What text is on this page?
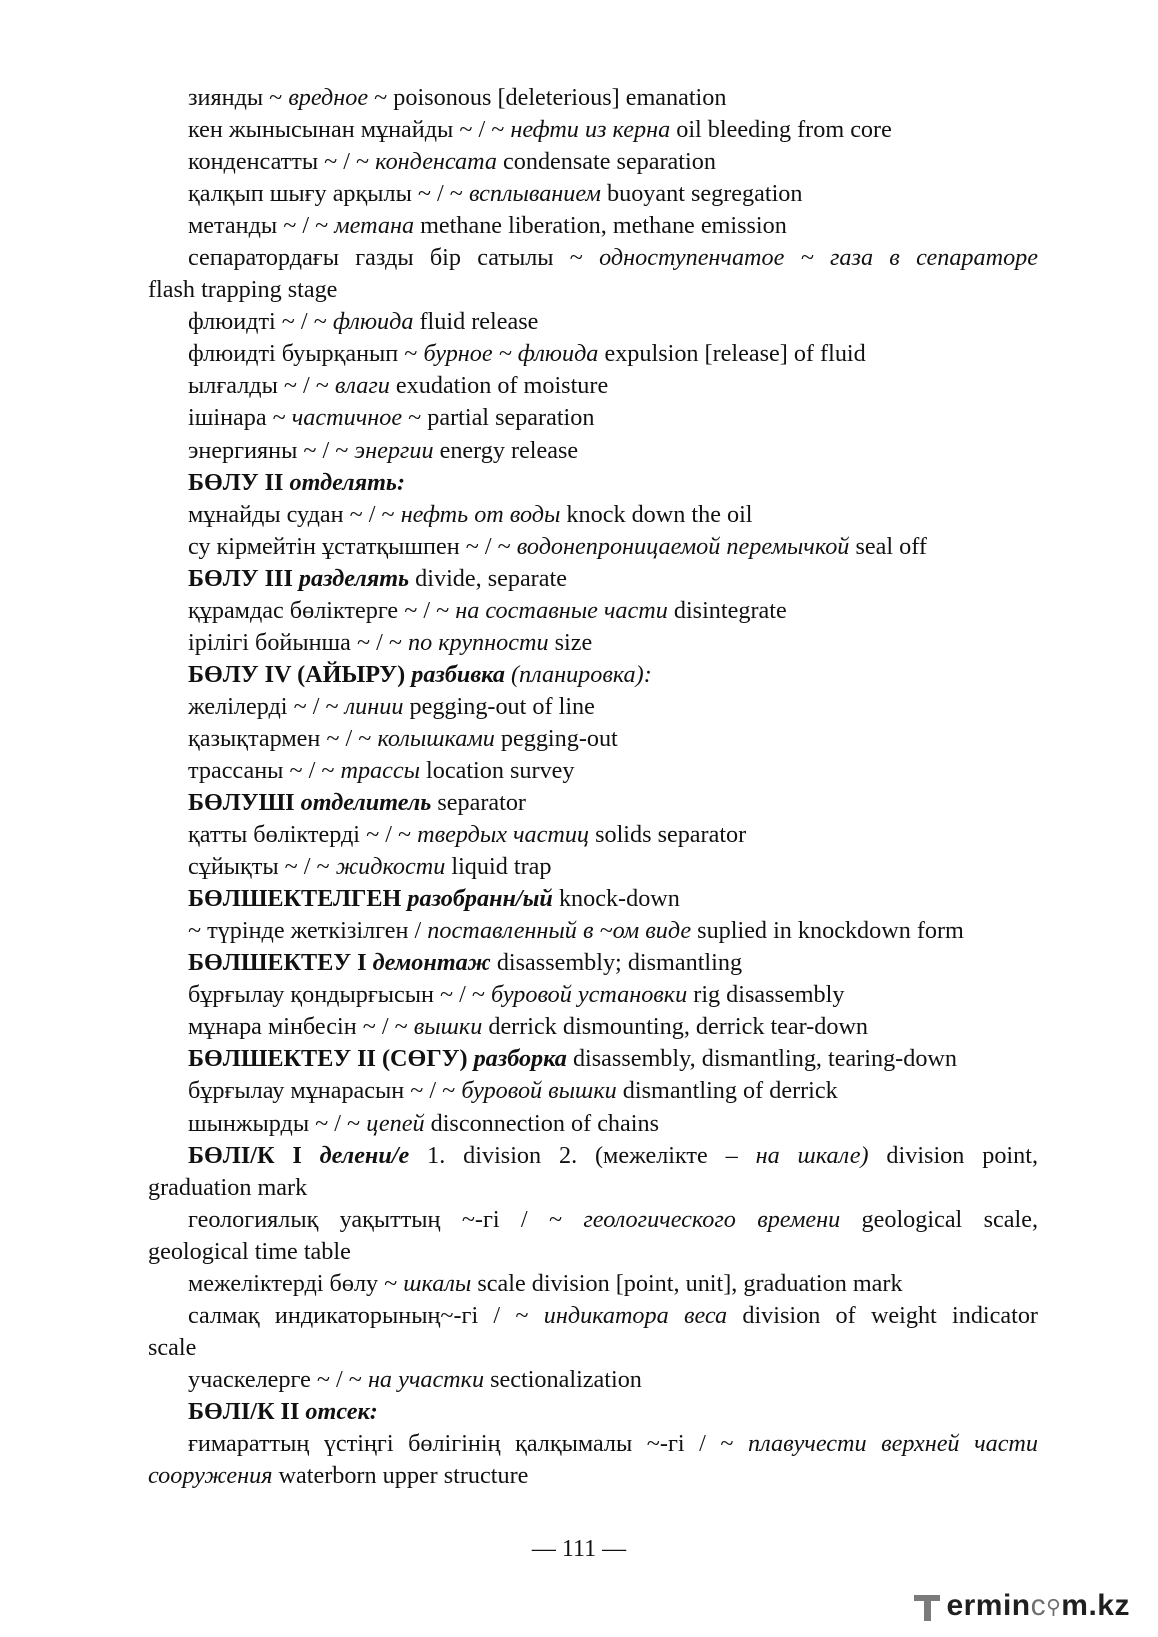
зиянды ~ вредное ~ poisonous [deleterious] emanation
кен жынысынан мұнайды ~ / ~ нефти из керна oil bleeding from core
конденсатты ~ / ~ конденсата condensate separation
қалқып шығу арқылы ~ / ~ всплыванием buoyant segregation
метанды ~ / ~ метана methane liberation, methane emission
сепаратордағы газды бір сатылы ~ одноступенчатое ~ газа в сепараторе
flash trapping stage
флюидті ~ / ~ флюида fluid release
флюидті буырқанып ~ бурное ~ флюида expulsion [release] of fluid
ылғалды ~ / ~ влаги exudation of moisture
ішінара ~ частичное ~ partial separation
энергияны ~ / ~ энергии energy release
БӨЛУ II отделять:
мұнайды судан ~ / ~ нефть от воды knock down the oil
су кірмейтін ұстатқышпен ~ / ~ водонепроницаемой перемычкой seal off
БӨЛУ III разделять divide, separate
құрамдас бөліктерге ~ / ~ на составные части disintegrate
ірілігі бойынша ~ / ~ по крупности size
БӨЛУ IV (АЙЫРУ) разбивка (планировка):
желілерді ~ / ~ линии pegging-out of line
қазықтармен ~ / ~ колышками pegging-out
трассаны ~ / ~ трассы location survey
БӨЛУШІ отделитель separator
қатты бөліктерді ~ / ~ твердых частиц solids separator
сұйықты ~ / ~ жидкости liquid trap
БӨЛШЕКТЕЛГЕН разобранн/ый knock-down
~ түрінде жеткізілген / поставленный в ~ом виде suplied in knockdown form
БӨЛШЕКТЕУ I демонтаж disassembly; dismantling
бұрғылау қондырғысын ~ / ~ буровой установки rig disassembly
мұнара мінбесін ~ / ~ вышки derrick dismounting, derrick tear-down
БӨЛШЕКТЕУ II (СӨГУ) разборка disassembly, dismantling, tearing-down
бұрғылау мұнарасын ~ / ~ буровой вышки dismantling of derrick
шынжырды ~ / ~ цепей disconnection of chains
БӨЛІ/К I делени/е 1. division 2. (межелікте – на шкале) division point,
graduation mark
геологиялық уақыттың ~-гі / ~ геологического времени geological scale,
geological time table
межеліктерді бөлу ~ шкалы scale division [point, unit], graduation mark
салмақ индикаторының~-гі / ~ индикатора веса division of weight indicator
scale
учаскелерге ~ / ~ на участки sectionalization
БӨЛІ/К II отсек:
ғимараттың үстіңгі бөлігінің қалқымалы ~-гі / ~ плавучести верхней части
сооружения waterborn upper structure
— 111 —
erminc⚲m.kz
